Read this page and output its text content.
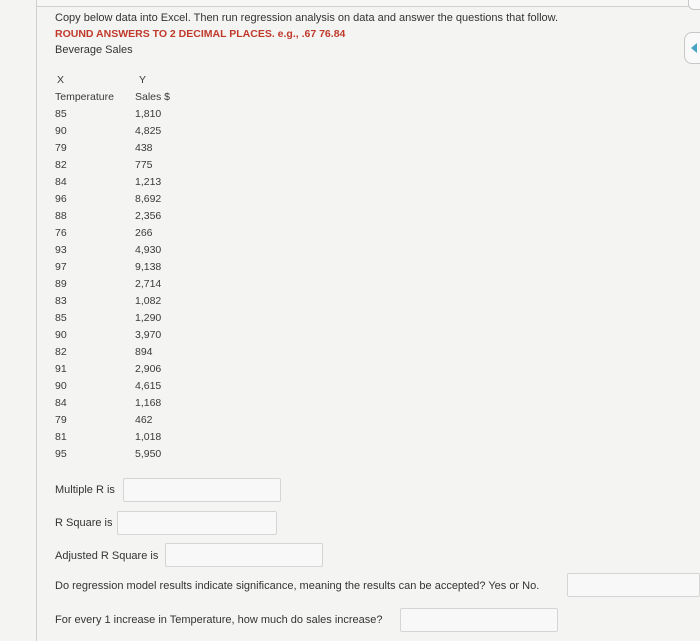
Copy below data into Excel. Then run regression analysis on data and answer the questions that follow.
ROUND ANSWERS TO 2 DECIMAL PLACES. e.g., .67 76.84
Beverage Sales
X	Y
Temperature	Sales $
85	1,810
90	4,825
79	438
82	775
84	1,213
96	8,692
88	2,356
76	266
93	4,930
97	9,138
89	2,714
83	1,082
85	1,290
90	3,970
82	894
91	2,906
90	4,615
84	1,168
79	462
81	1,018
95	5,950
Multiple R is
R Square is
Adjusted R Square is
Do regression model results indicate significance, meaning the results can be accepted? Yes or No.
For every 1 increase in Temperature, how much do sales increase?
